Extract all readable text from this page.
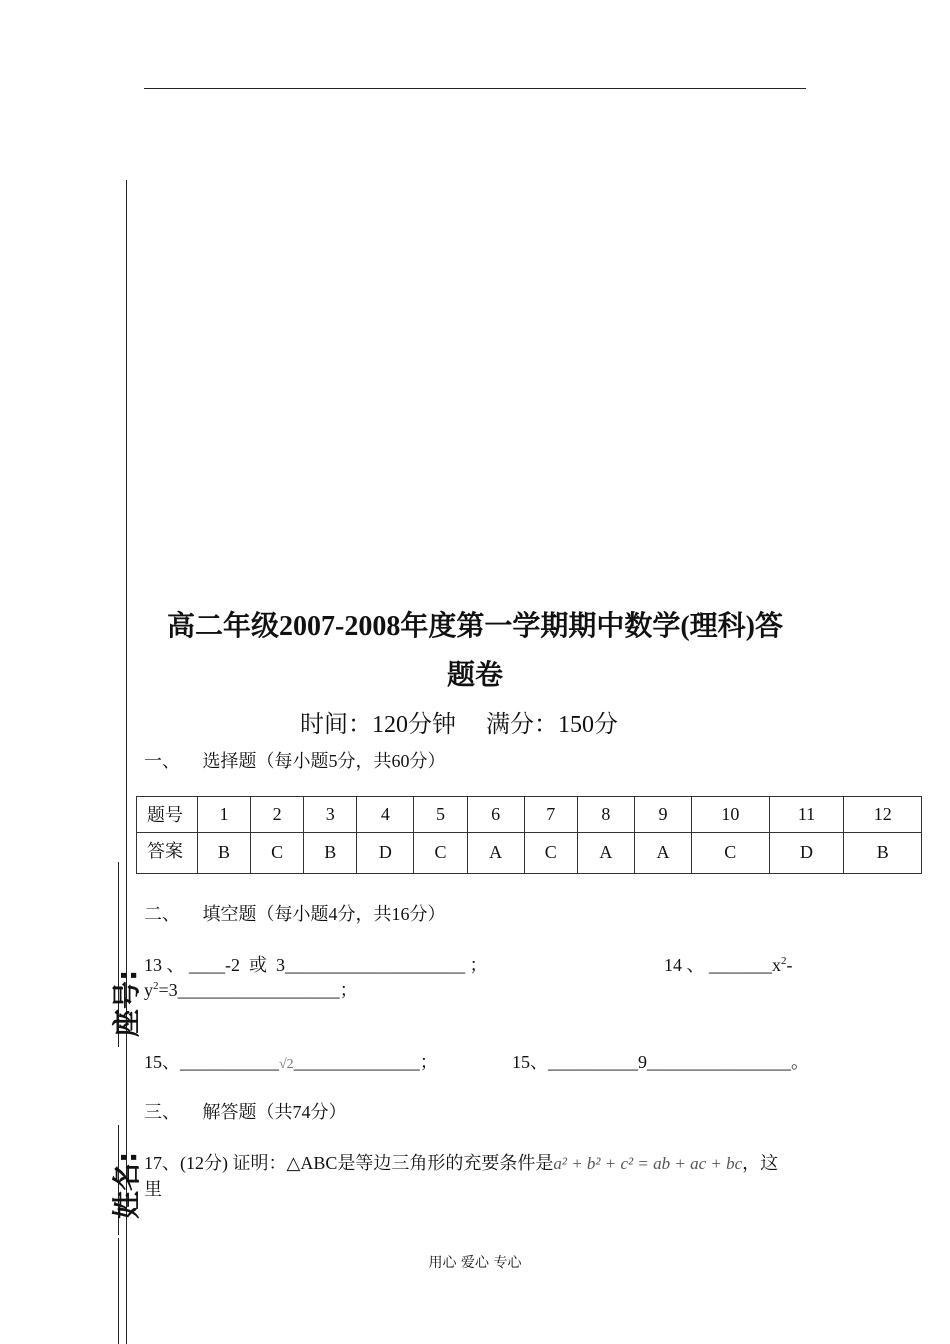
座号:
姓名:
高二年级2007-2008年度第一学期期中数学(理科)答
题卷
时间：120分钟     满分：150分
一、     选择题（每小题5分，共60分）
题号	1	2	3	4	5	6	7	8	9	10	11	12
答案	B	C	B	D	C	A	C	A	A	C	D	B
二、     填空题（每小题4分，共16分）
13 、 ____-2  或  3____________________ ；	14 、 $\_\_\_\_\_\_\_x^2-$
$y^2=3\_\_\_\_\_\_\_\_\_\_\_\_\_\_\_\_\_\_$；
15、___________√2______________；	15、__________9________________。
三、     解答题（共74分）
17、(12分) 证明：△ABC是等边三角形的充要条件是a² + b² + c² = ab + ac + bc，这
里
用心 爱心 专心
